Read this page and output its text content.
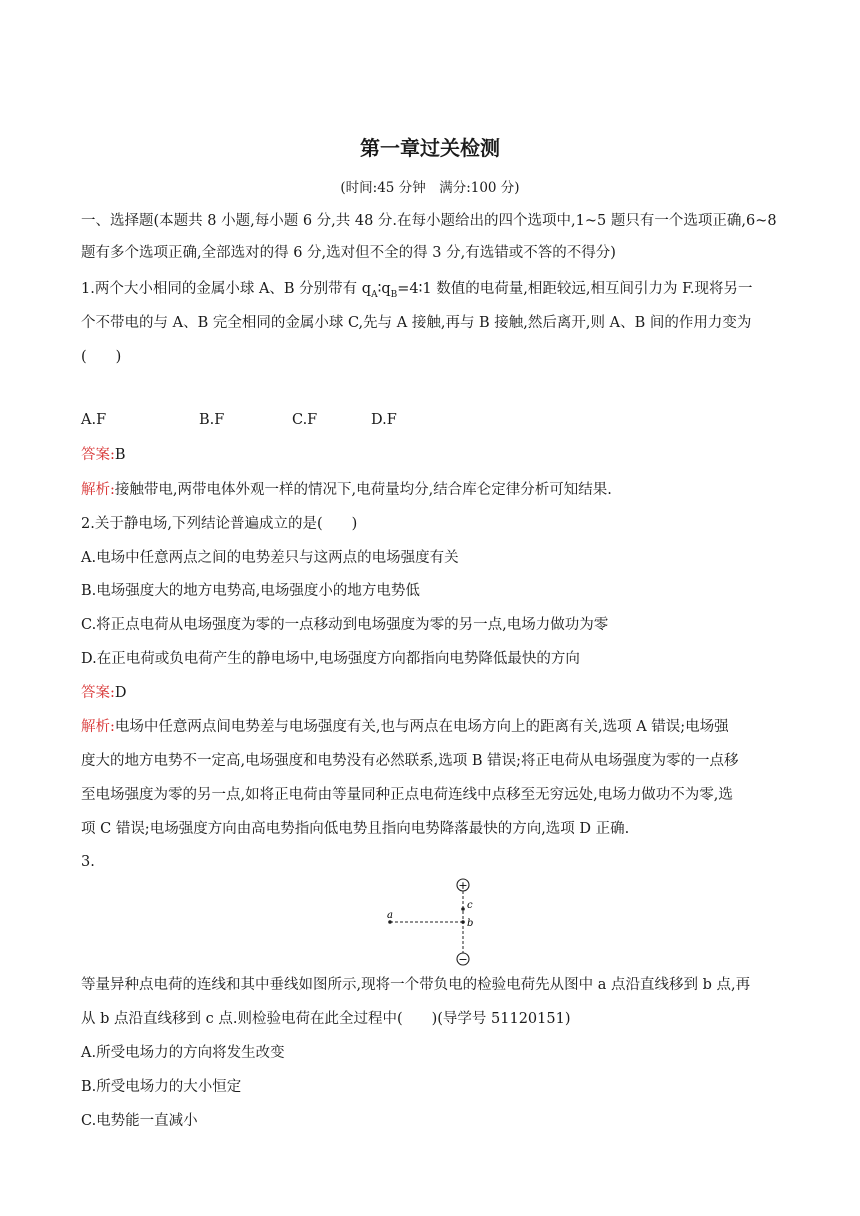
第一章过关检测
(时间:45 分钟　满分:100 分)
一、选择题(本题共 8 小题,每小题 6 分,共 48 分.在每小题给出的四个选项中,1~5 题只有一个选项正确,6~8
题有多个选项正确,全部选对的得 6 分,选对但不全的得 3 分,有选错或不答的不得分)
1.两个大小相同的金属小球 A、B 分别带有 $q_A∶q_B=4∶1$ 数值的电荷量,相距较远,相互间引力为 F.现将另一
个不带电的与 A、B 完全相同的金属小球 C,先与 A 接触,再与 B 接触,然后离开,则 A、B 间的作用力变为
(　　)
A.F	B.F	C.F	D.F
答案:B
解析:接触带电,两带电体外观一样的情况下,电荷量均分,结合库仑定律分析可知结果.
2.关于静电场,下列结论普遍成立的是(　　)
A.电场中任意两点之间的电势差只与这两点的电场强度有关
B.电场强度大的地方电势高,电场强度小的地方电势低
C.将正点电荷从电场强度为零的一点移动到电场强度为零的另一点,电场力做功为零
D.在正电荷或负电荷产生的静电场中,电场强度方向都指向电势降低最快的方向
答案:D
解析:电场中任意两点间电势差与电场强度有关,也与两点在电场方向上的距离有关,选项 A 错误;电场强
度大的地方电势不一定高,电场强度和电势没有必然联系,选项 B 错误;将正电荷从电场强度为零的一点移
至电场强度为零的另一点,如将正电荷由等量同种正点电荷连线中点移至无穷远处,电场力做功不为零,选
项 C 错误;电场强度方向由高电势指向低电势且指向电势降落最快的方向,选项 D 正确.
3.
+
−
a
b
c
等量异种点电荷的连线和其中垂线如图所示,现将一个带负电的检验电荷先从图中 a 点沿直线移到 b 点,再
从 b 点沿直线移到 c 点.则检验电荷在此全过程中(　　)(导学号 51120151)
A.所受电场力的方向将发生改变
B.所受电场力的大小恒定
C.电势能一直减小
